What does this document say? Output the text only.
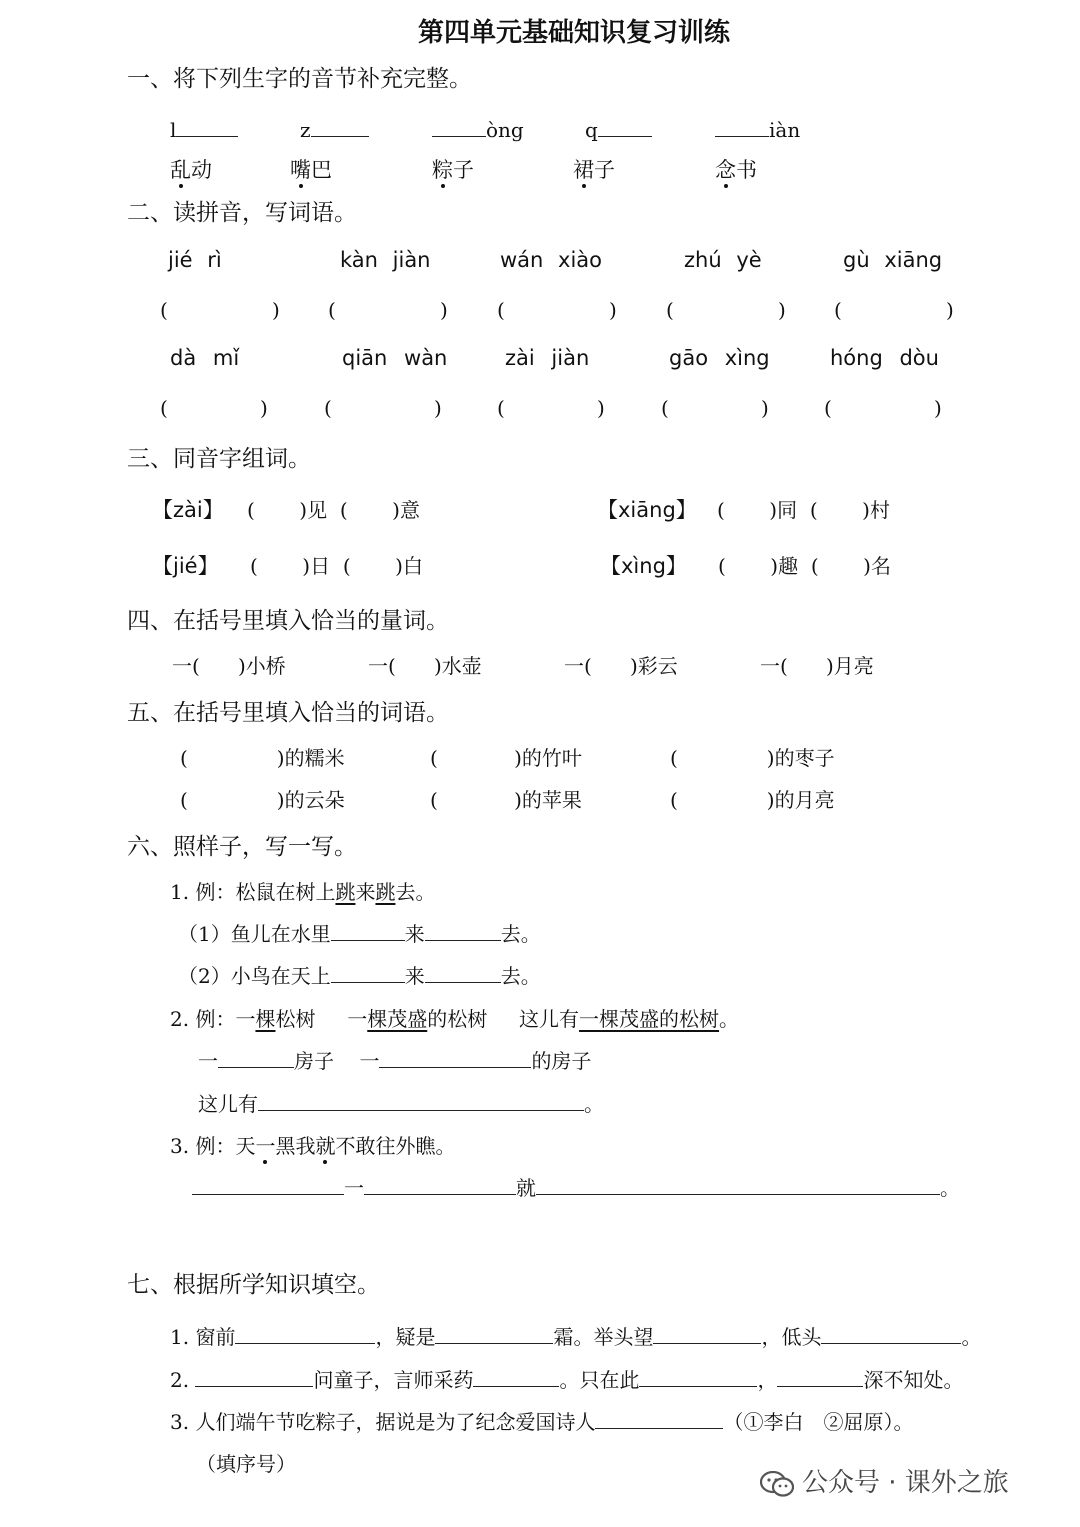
第四单元基础知识复习训练
一、将下列生字的音节补充完整。
l	z	òng	q	iàn
乱动	嘴巴	粽子	裙子	念书
二、读拼音，写词语。
jié rì	kàn jiàn	wán xiào	zhú yè	gù xiāng
(	) (	) (	) (	) (	)
dà mǐ	qiān wàn	zài jiàn	gāo xìng	hóng dòu
(	)	(	)	(	)	(	)	(	)
三、同音字组词。
【zài】 (       )见  (       )意	【xiāng】 (       )同  (       )村
【jié】 (       )日  (       )白	【xìng】 (       )趣  (       )名
四、在括号里填入恰当的量词。
一(      )小桥	一(      )水壶	一(      )彩云	一(      )月亮
五、在括号里填入恰当的词语。
(              )的糯米	(            )的竹叶	(              )的枣子
(              )的云朵	(            )的苹果	(              )的月亮
六、照样子，写一写。
1. 例：松鼠在树上跳来跳去。
（1）鱼儿在水里	来	去。
（2）小鸟在天上	来	去。
2. 例：一棵松树 一棵茂盛的松树 这儿有一棵茂盛的松树。
一	房子 一	的房子
这儿有	。
3. 例：天一黑我就不敢往外瞧。
一	就	。
七、根据所学知识填空。
1. 窗前	，疑是	霜。举头望	，低头	。
2.	问童子，言师采药	。只在此	，	深不知处。
3. 人们端午节吃粽子，据说是为了纪念爱国诗人	（①李白　②屈原）。
（填序号）
公众号 · 课外之旅
